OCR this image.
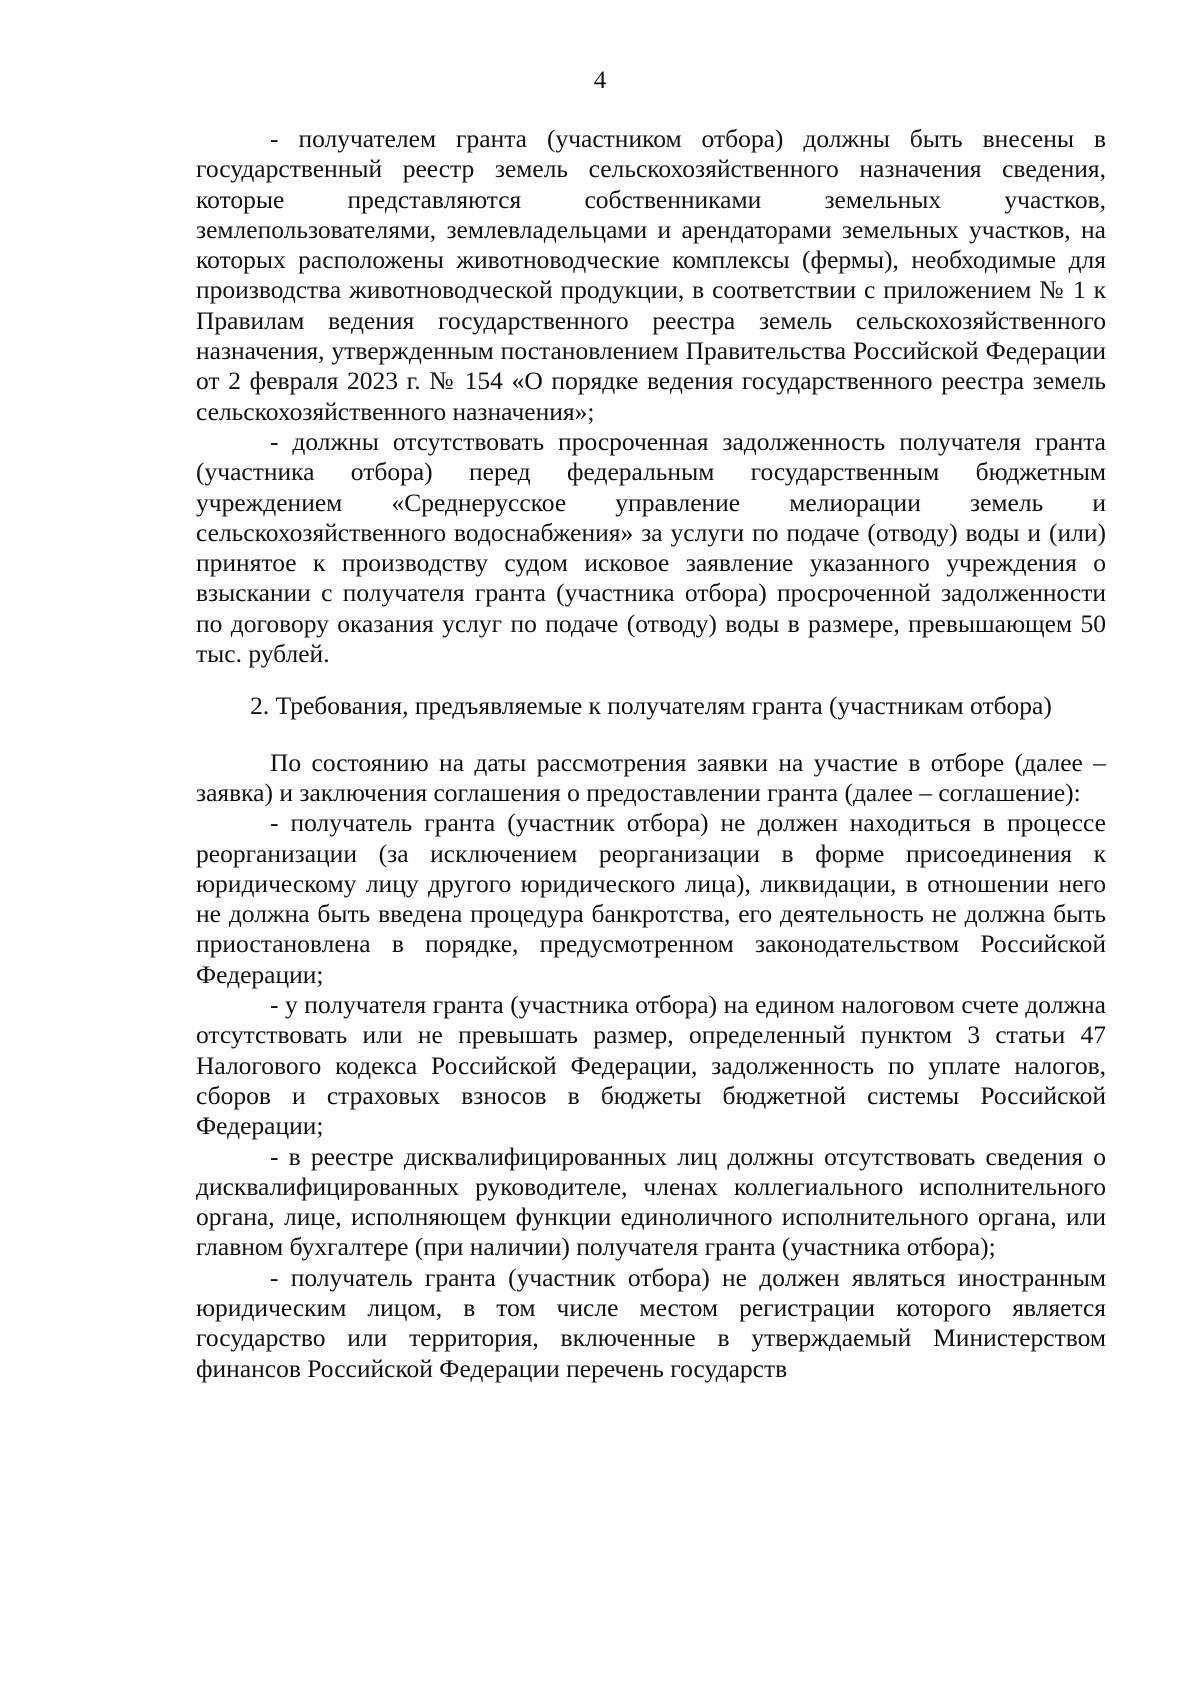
4

- получателем гранта (участником отбора) должны быть внесены в государственный реестр земель сельскохозяйственного назначения сведения, которые представляются собственниками земельных участков, землепользователями, землевладельцами и арендаторами земельных участков, на которых расположены животноводческие комплексы (фермы), необходимые для производства животноводческой продукции, в соответствии с приложением № 1 к Правилам ведения государственного реестра земель сельскохозяйственного назначения, утвержденным постановлением Правительства Российской Федерации от 2 февраля 2023 г. № 154 «О порядке ведения государственного реестра земель сельскохозяйственного назначения»;

- должны отсутствовать просроченная задолженность получателя гранта (участника отбора) перед федеральным государственным бюджетным учреждением «Среднерусское управление мелиорации земель и сельскохозяйственного водоснабжения» за услуги по подаче (отводу) воды и (или) принятое к производству судом исковое заявление указанного учреждения о взыскании с получателя гранта (участника отбора) просроченной задолженности по договору оказания услуг по подаче (отводу) воды в размере, превышающем 50 тыс. рублей.

2. Требования, предъявляемые к получателям гранта (участникам отбора)

По состоянию на даты рассмотрения заявки на участие в отборе (далее – заявка) и заключения соглашения о предоставлении гранта (далее – соглашение):

- получатель гранта (участник отбора) не должен находиться в процессе реорганизации (за исключением реорганизации в форме присоединения к юридическому лицу другого юридического лица), ликвидации, в отношении него не должна быть введена процедура банкротства, его деятельность не должна быть приостановлена в порядке, предусмотренном законодательством Российской Федерации;

- у получателя гранта (участника отбора) на едином налоговом счете должна отсутствовать или не превышать размер, определенный пунктом 3 статьи 47 Налогового кодекса Российской Федерации, задолженность по уплате налогов, сборов и страховых взносов в бюджеты бюджетной системы Российской Федерации;

- в реестре дисквалифицированных лиц должны отсутствовать сведения о дисквалифицированных руководителе, членах коллегиального исполнительного органа, лице, исполняющем функции единоличного исполнительного органа, или главном бухгалтере (при наличии) получателя гранта (участника отбора);

- получатель гранта (участник отбора) не должен являться иностранным юридическим лицом, в том числе местом регистрации которого является государство или территория, включенные в утверждаемый Министерством финансов Российской Федерации перечень государств
